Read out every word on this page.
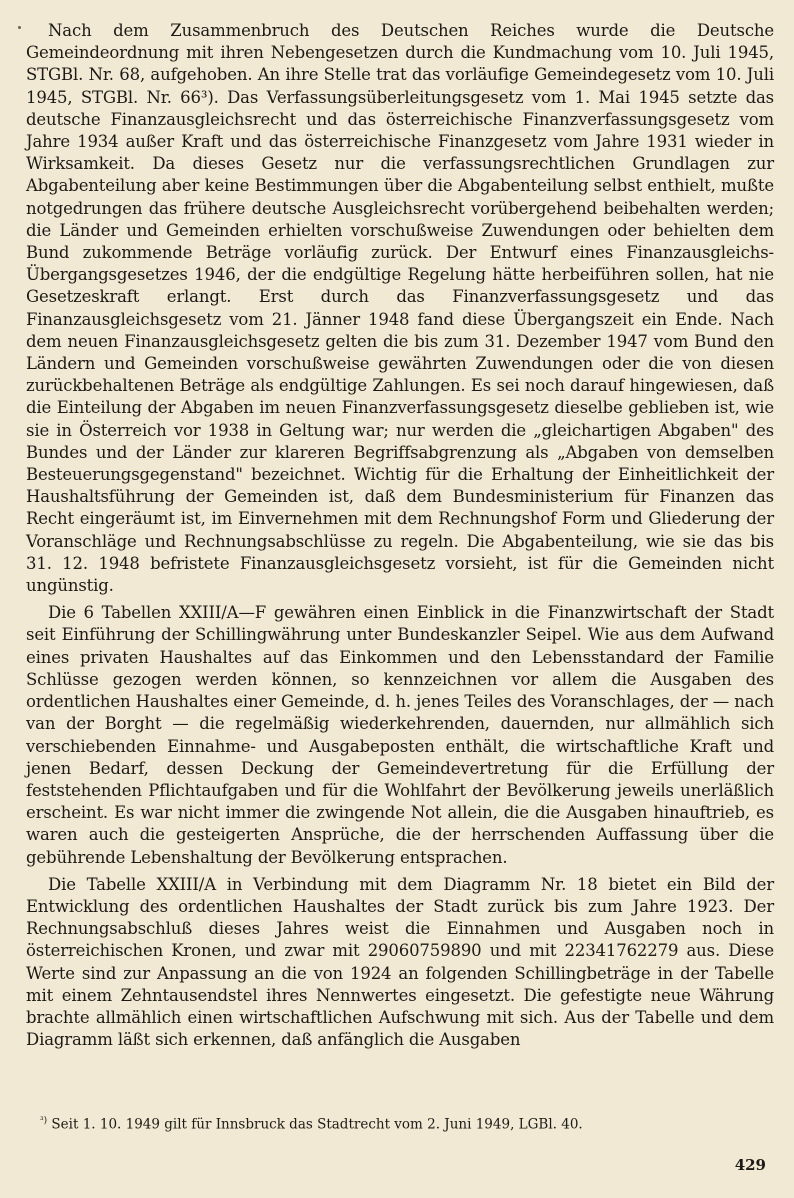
Nach dem Zusammenbruch des Deutschen Reiches wurde die Deutsche Gemeindeordnung mit ihren Nebengesetzen durch die Kundmachung vom 10. Juli 1945, STGBl. Nr. 68, aufgehoben. An ihre Stelle trat das vorläufige Gemeindegesetz vom 10. Juli 1945, STGBl. Nr. 66³). Das Verfassungsüberleitungsgesetz vom 1. Mai 1945 setzte das deutsche Finanzausgleichsrecht und das österreichische Finanzverfassungsgesetz vom Jahre 1934 außer Kraft und das österreichische Finanzgesetz vom Jahre 1931 wieder in Wirksamkeit. Da dieses Gesetz nur die verfassungsrechtlichen Grundlagen zur Abgabenteilung aber keine Bestimmungen über die Abgabenteilung selbst enthielt, mußte notgedrungen das frühere deutsche Ausgleichsrecht vorübergehend beibehalten werden; die Länder und Gemeinden erhielten vorschußweise Zuwendungen oder behielten dem Bund zukommende Beträge vorläufig zurück. Der Entwurf eines Finanzausgleichs-Übergangsgesetzes 1946, der die endgültige Regelung hätte herbeiführen sollen, hat nie Gesetzeskraft erlangt. Erst durch das Finanzverfassungsgesetz und das Finanzausgleichsgesetz vom 21. Jänner 1948 fand diese Übergangszeit ein Ende. Nach dem neuen Finanzausgleichsgesetz gelten die bis zum 31. Dezember 1947 vom Bund den Ländern und Gemeinden vorschußweise gewährten Zuwendungen oder die von diesen zurückbehaltenen Beträge als endgültige Zahlungen. Es sei noch darauf hingewiesen, daß die Einteilung der Abgaben im neuen Finanzverfassungsgesetz dieselbe geblieben ist, wie sie in Österreich vor 1938 in Geltung war; nur werden die „gleichartigen Abgaben" des Bundes und der Länder zur klareren Begriffsabgrenzung als „Abgaben von demselben Besteuerungsgegenstand" bezeichnet. Wichtig für die Erhaltung der Einheitlichkeit der Haushaltsführung der Gemeinden ist, daß dem Bundesministerium für Finanzen das Recht eingeräumt ist, im Einvernehmen mit dem Rechnungshof Form und Gliederung der Voranschläge und Rechnungsabschlüsse zu regeln. Die Abgabenteilung, wie sie das bis 31. 12. 1948 befristete Finanzausgleichsgesetz vorsieht, ist für die Gemeinden nicht ungünstig.

Die 6 Tabellen XXIII/A—F gewähren einen Einblick in die Finanzwirtschaft der Stadt seit Einführung der Schillingwährung unter Bundeskanzler Seipel. Wie aus dem Aufwand eines privaten Haushaltes auf das Einkommen und den Lebensstandard der Familie Schlüsse gezogen werden können, so kennzeichnen vor allem die Ausgaben des ordentlichen Haushaltes einer Gemeinde, d. h. jenes Teiles des Voranschlages, der — nach van der Borght — die regelmäßig wiederkehrenden, dauernden, nur allmählich sich verschiebenden Einnahme- und Ausgabeposten enthält, die wirtschaftliche Kraft und jenen Bedarf, dessen Deckung der Gemeindevertretung für die Erfüllung der feststehenden Pflichtaufgaben und für die Wohlfahrt der Bevölkerung jeweils unerläßlich erscheint. Es war nicht immer die zwingende Not allein, die die Ausgaben hinauftrieb, es waren auch die gesteigerten Ansprüche, die der herrschenden Auffassung über die gebührende Lebenshaltung der Bevölkerung entsprachen.

Die Tabelle XXIII/A in Verbindung mit dem Diagramm Nr. 18 bietet ein Bild der Entwicklung des ordentlichen Haushaltes der Stadt zurück bis zum Jahre 1923. Der Rechnungsabschluß dieses Jahres weist die Einnahmen und Ausgaben noch in österreichischen Kronen, und zwar mit 29060759890 und mit 22341762279 aus. Diese Werte sind zur Anpassung an die von 1924 an folgenden Schillingbeträge in der Tabelle mit einem Zehntausendstel ihres Nennwertes eingesetzt. Die gefestigte neue Währung brachte allmählich einen wirtschaftlichen Aufschwung mit sich. Aus der Tabelle und dem Diagramm läßt sich erkennen, daß anfänglich die Ausgaben

$^{^3)}$ Seit 1. 10. 1949 gilt für Innsbruck das Stadtrecht vom 2. Juni 1949, LGBl. 40.
429
